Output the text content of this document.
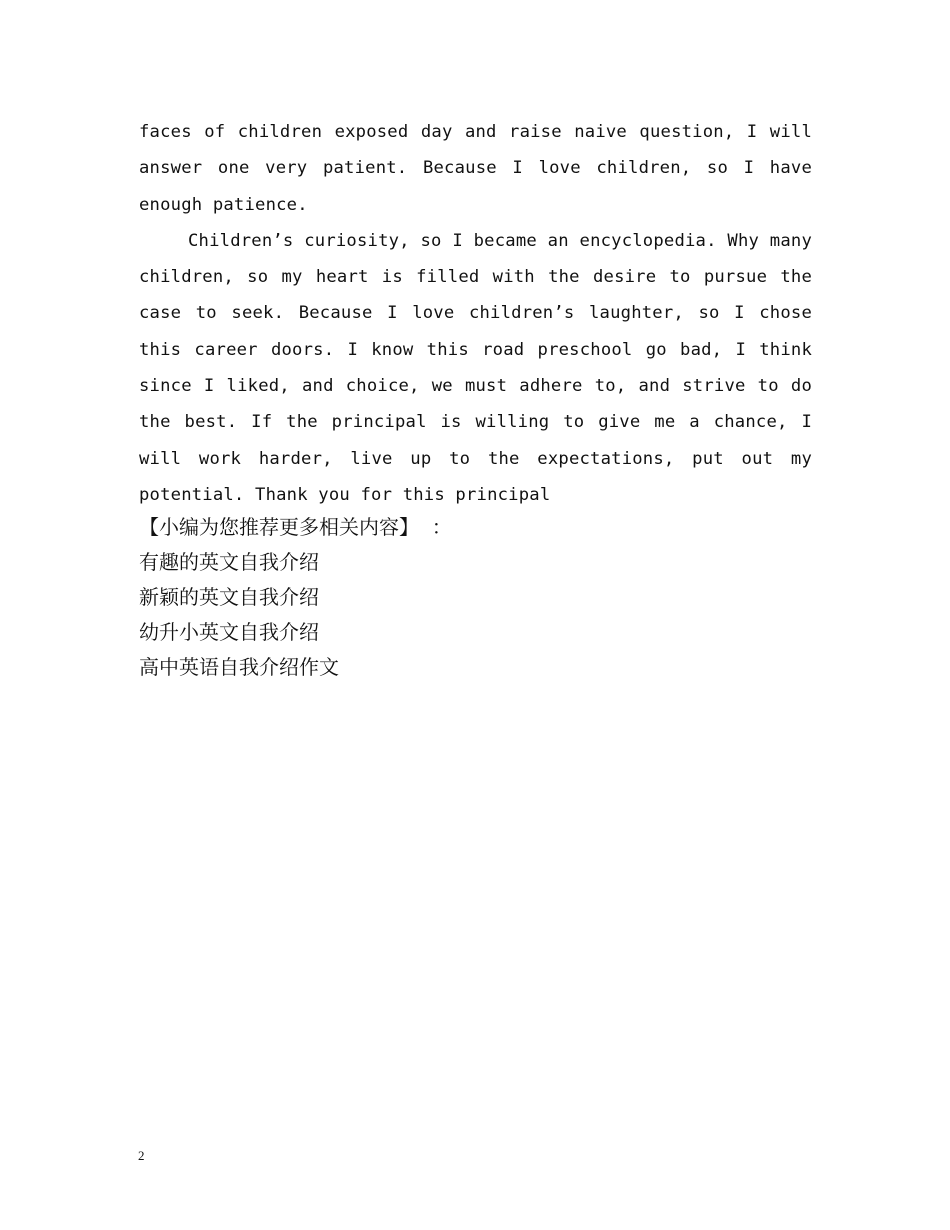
faces of children exposed day and raise naive question, I will answer one very patient. Because I love children, so I have enough patience.

Children’s curiosity, so I became an encyclopedia. Why many children, so my heart is filled with the desire to pursue the case to seek. Because I love children’s laughter, so I chose this career doors. I know this road preschool go bad, I think since I liked, and choice, we must adhere to, and strive to do the best. If the principal is willing to give me a chance, I will work harder, live up to the expectations, put out my potential. Thank you for this principal

【小编为您推荐更多相关内容】  ：
有趣的英文自我介绍
新颖的英文自我介绍
幼升小英文自我介绍
高中英语自我介绍作文
2
